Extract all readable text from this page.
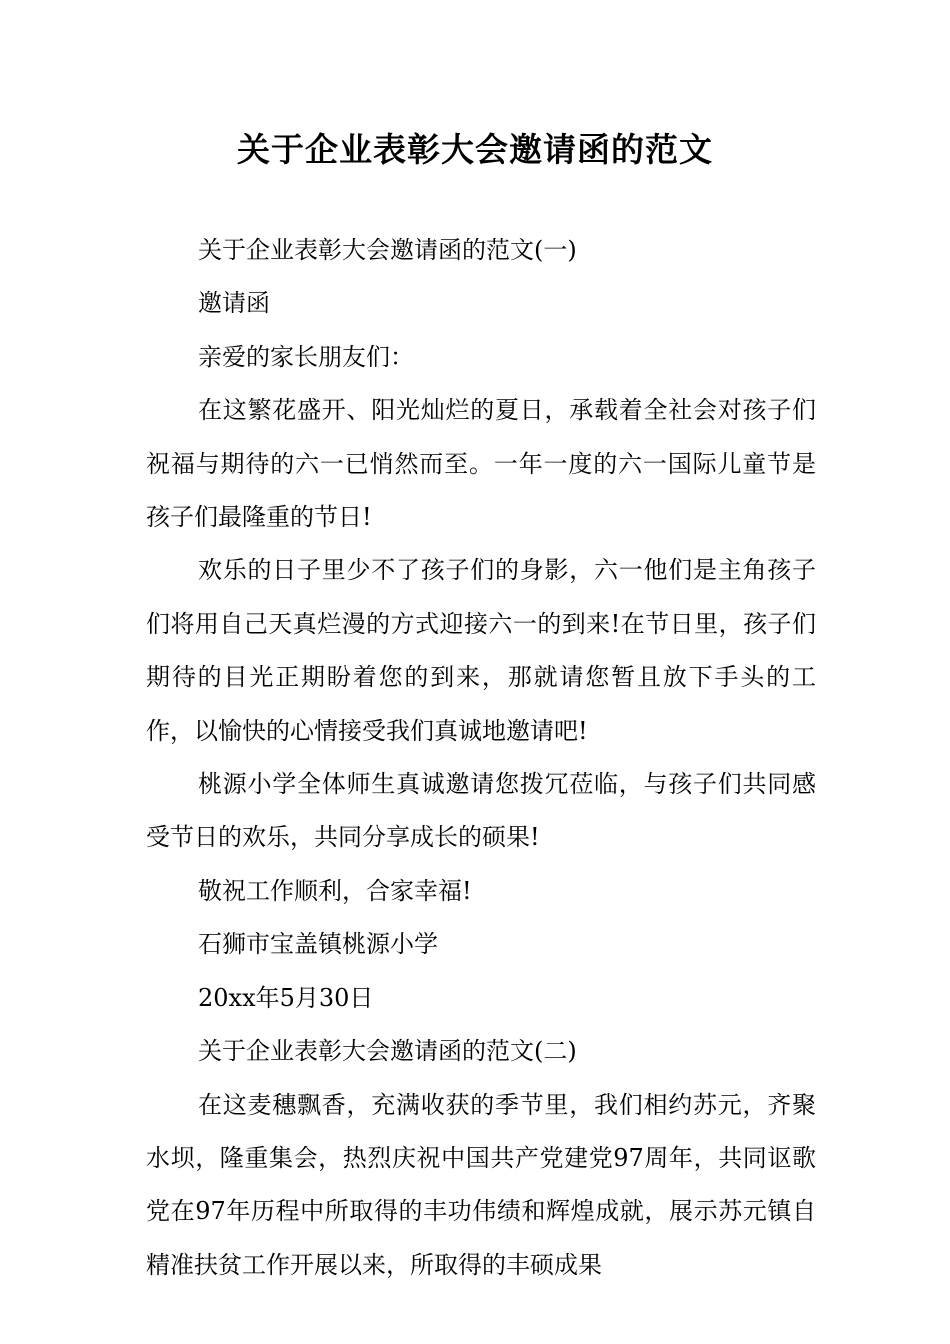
关于企业表彰大会邀请函的范文

关于企业表彰大会邀请函的范文(一)

邀请函

亲爱的家长朋友们：

在这繁花盛开、阳光灿烂的夏日，承载着全社会对孩子们祝福与期待的六一已悄然而至。一年一度的六一国际儿童节是孩子们最隆重的节日!

欢乐的日子里少不了孩子们的身影，六一他们是主角孩子们将用自己天真烂漫的方式迎接六一的到来!在节日里，孩子们期待的目光正期盼着您的到来，那就请您暂且放下手头的工作，以愉快的心情接受我们真诚地邀请吧!

桃源小学全体师生真诚邀请您拨冗莅临，与孩子们共同感受节日的欢乐，共同分享成长的硕果!

敬祝工作顺利，合家幸福!

石狮市宝盖镇桃源小学

20xx年5月30日

关于企业表彰大会邀请函的范文(二)

在这麦穗飘香，充满收获的季节里，我们相约苏元，齐聚水坝，隆重集会，热烈庆祝中国共产党建党97周年，共同讴歌党在97年历程中所取得的丰功伟绩和辉煌成就，展示苏元镇自精准扶贫工作开展以来，所取得的丰硕成果
